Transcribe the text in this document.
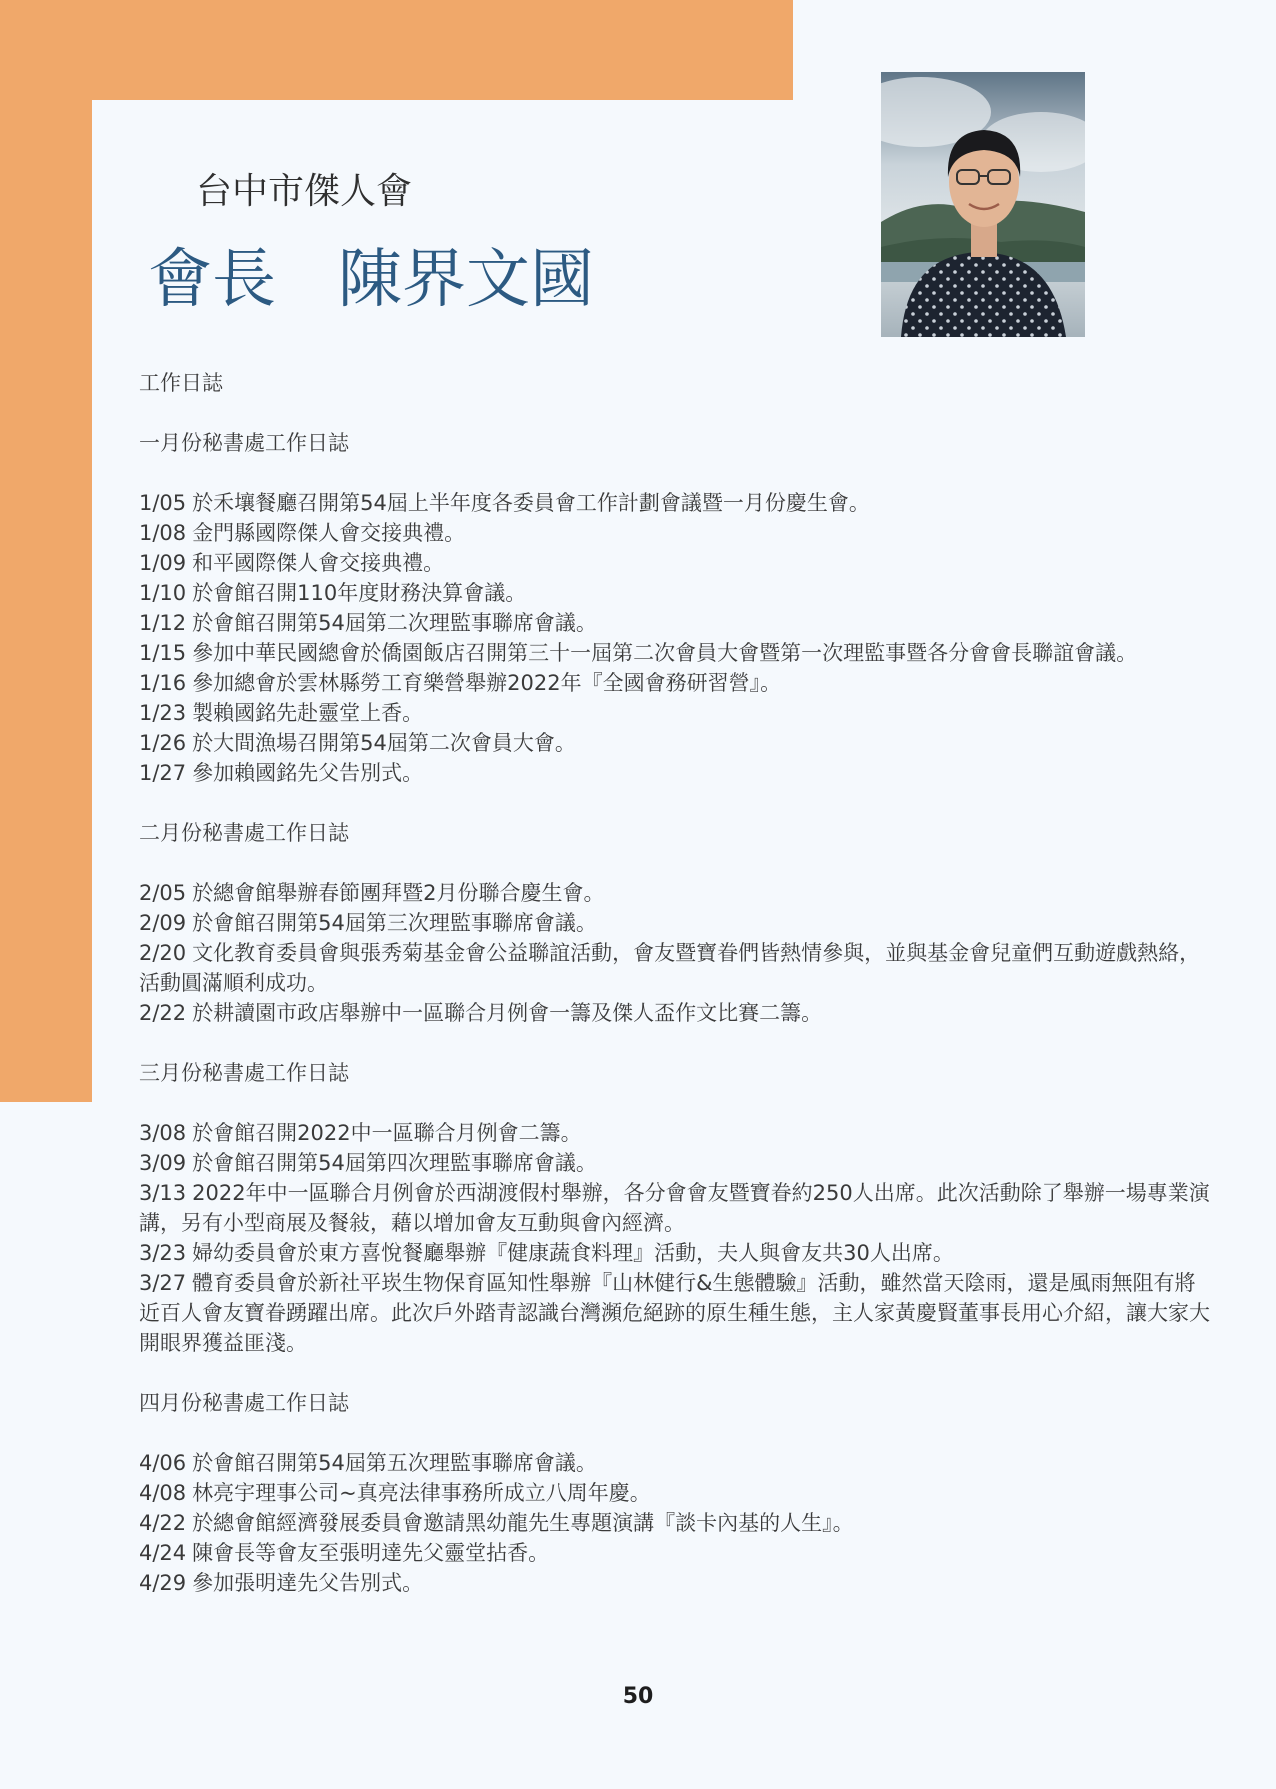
台中市傑人會
會長 陳界文國

工作日誌

一月份秘書處工作日誌

1/05 於禾壤餐廳召開第54屆上半年度各委員會工作計劃會議暨一月份慶生會。

1/08 金門縣國際傑人會交接典禮。

1/09 和平國際傑人會交接典禮。

1/10 於會館召開110年度財務決算會議。

1/12 於會館召開第54屆第二次理監事聯席會議。

1/15 參加中華民國總會於僑園飯店召開第三十一屆第二次會員大會暨第一次理監事暨各分會會長聯誼會議。

1/16 參加總會於雲林縣勞工育樂營舉辦2022年『全國會務研習營』。

1/23 製賴國銘先赴靈堂上香。

1/26 於大間漁場召開第54屆第二次會員大會。

1/27 參加賴國銘先父告別式。

二月份秘書處工作日誌

2/05 於總會館舉辦春節團拜暨2月份聯合慶生會。

2/09 於會館召開第54屆第三次理監事聯席會議。

2/20 文化教育委員會與張秀菊基金會公益聯誼活動，會友暨寶眷們皆熱情參與，並與基金會兒童們互動遊戲熱絡，活動圓滿順利成功。

2/22 於耕讀園市政店舉辦中一區聯合月例會一籌及傑人盃作文比賽二籌。

三月份秘書處工作日誌

3/08 於會館召開2022中一區聯合月例會二籌。

3/09 於會館召開第54屆第四次理監事聯席會議。

3/13 2022年中一區聯合月例會於西湖渡假村舉辦，各分會會友暨寶眷約250人出席。此次活動除了舉辦一場專業演講，另有小型商展及餐敍，藉以增加會友互動與會內經濟。

3/23 婦幼委員會於東方喜悅餐廳舉辦『健康蔬食料理』活動，夫人與會友共30人出席。

3/27 體育委員會於新社平崁生物保育區知性舉辦『山林健行&生態體驗』活動，雖然當天陰雨，還是風雨無阻有將近百人會友寶眷踴躍出席。此次戶外踏青認識台灣瀕危絕跡的原生種生態，主人家黃慶賢董事長用心介紹，讓大家大開眼界獲益匪淺。

四月份秘書處工作日誌

4/06 於會館召開第54屆第五次理監事聯席會議。

4/08 林亮宇理事公司~真亮法律事務所成立八周年慶。

4/22 於總會館經濟發展委員會邀請黑幼龍先生專題演講『談卡內基的人生』。

4/24 陳會長等會友至張明達先父靈堂拈香。

4/29 參加張明達先父告別式。

50
